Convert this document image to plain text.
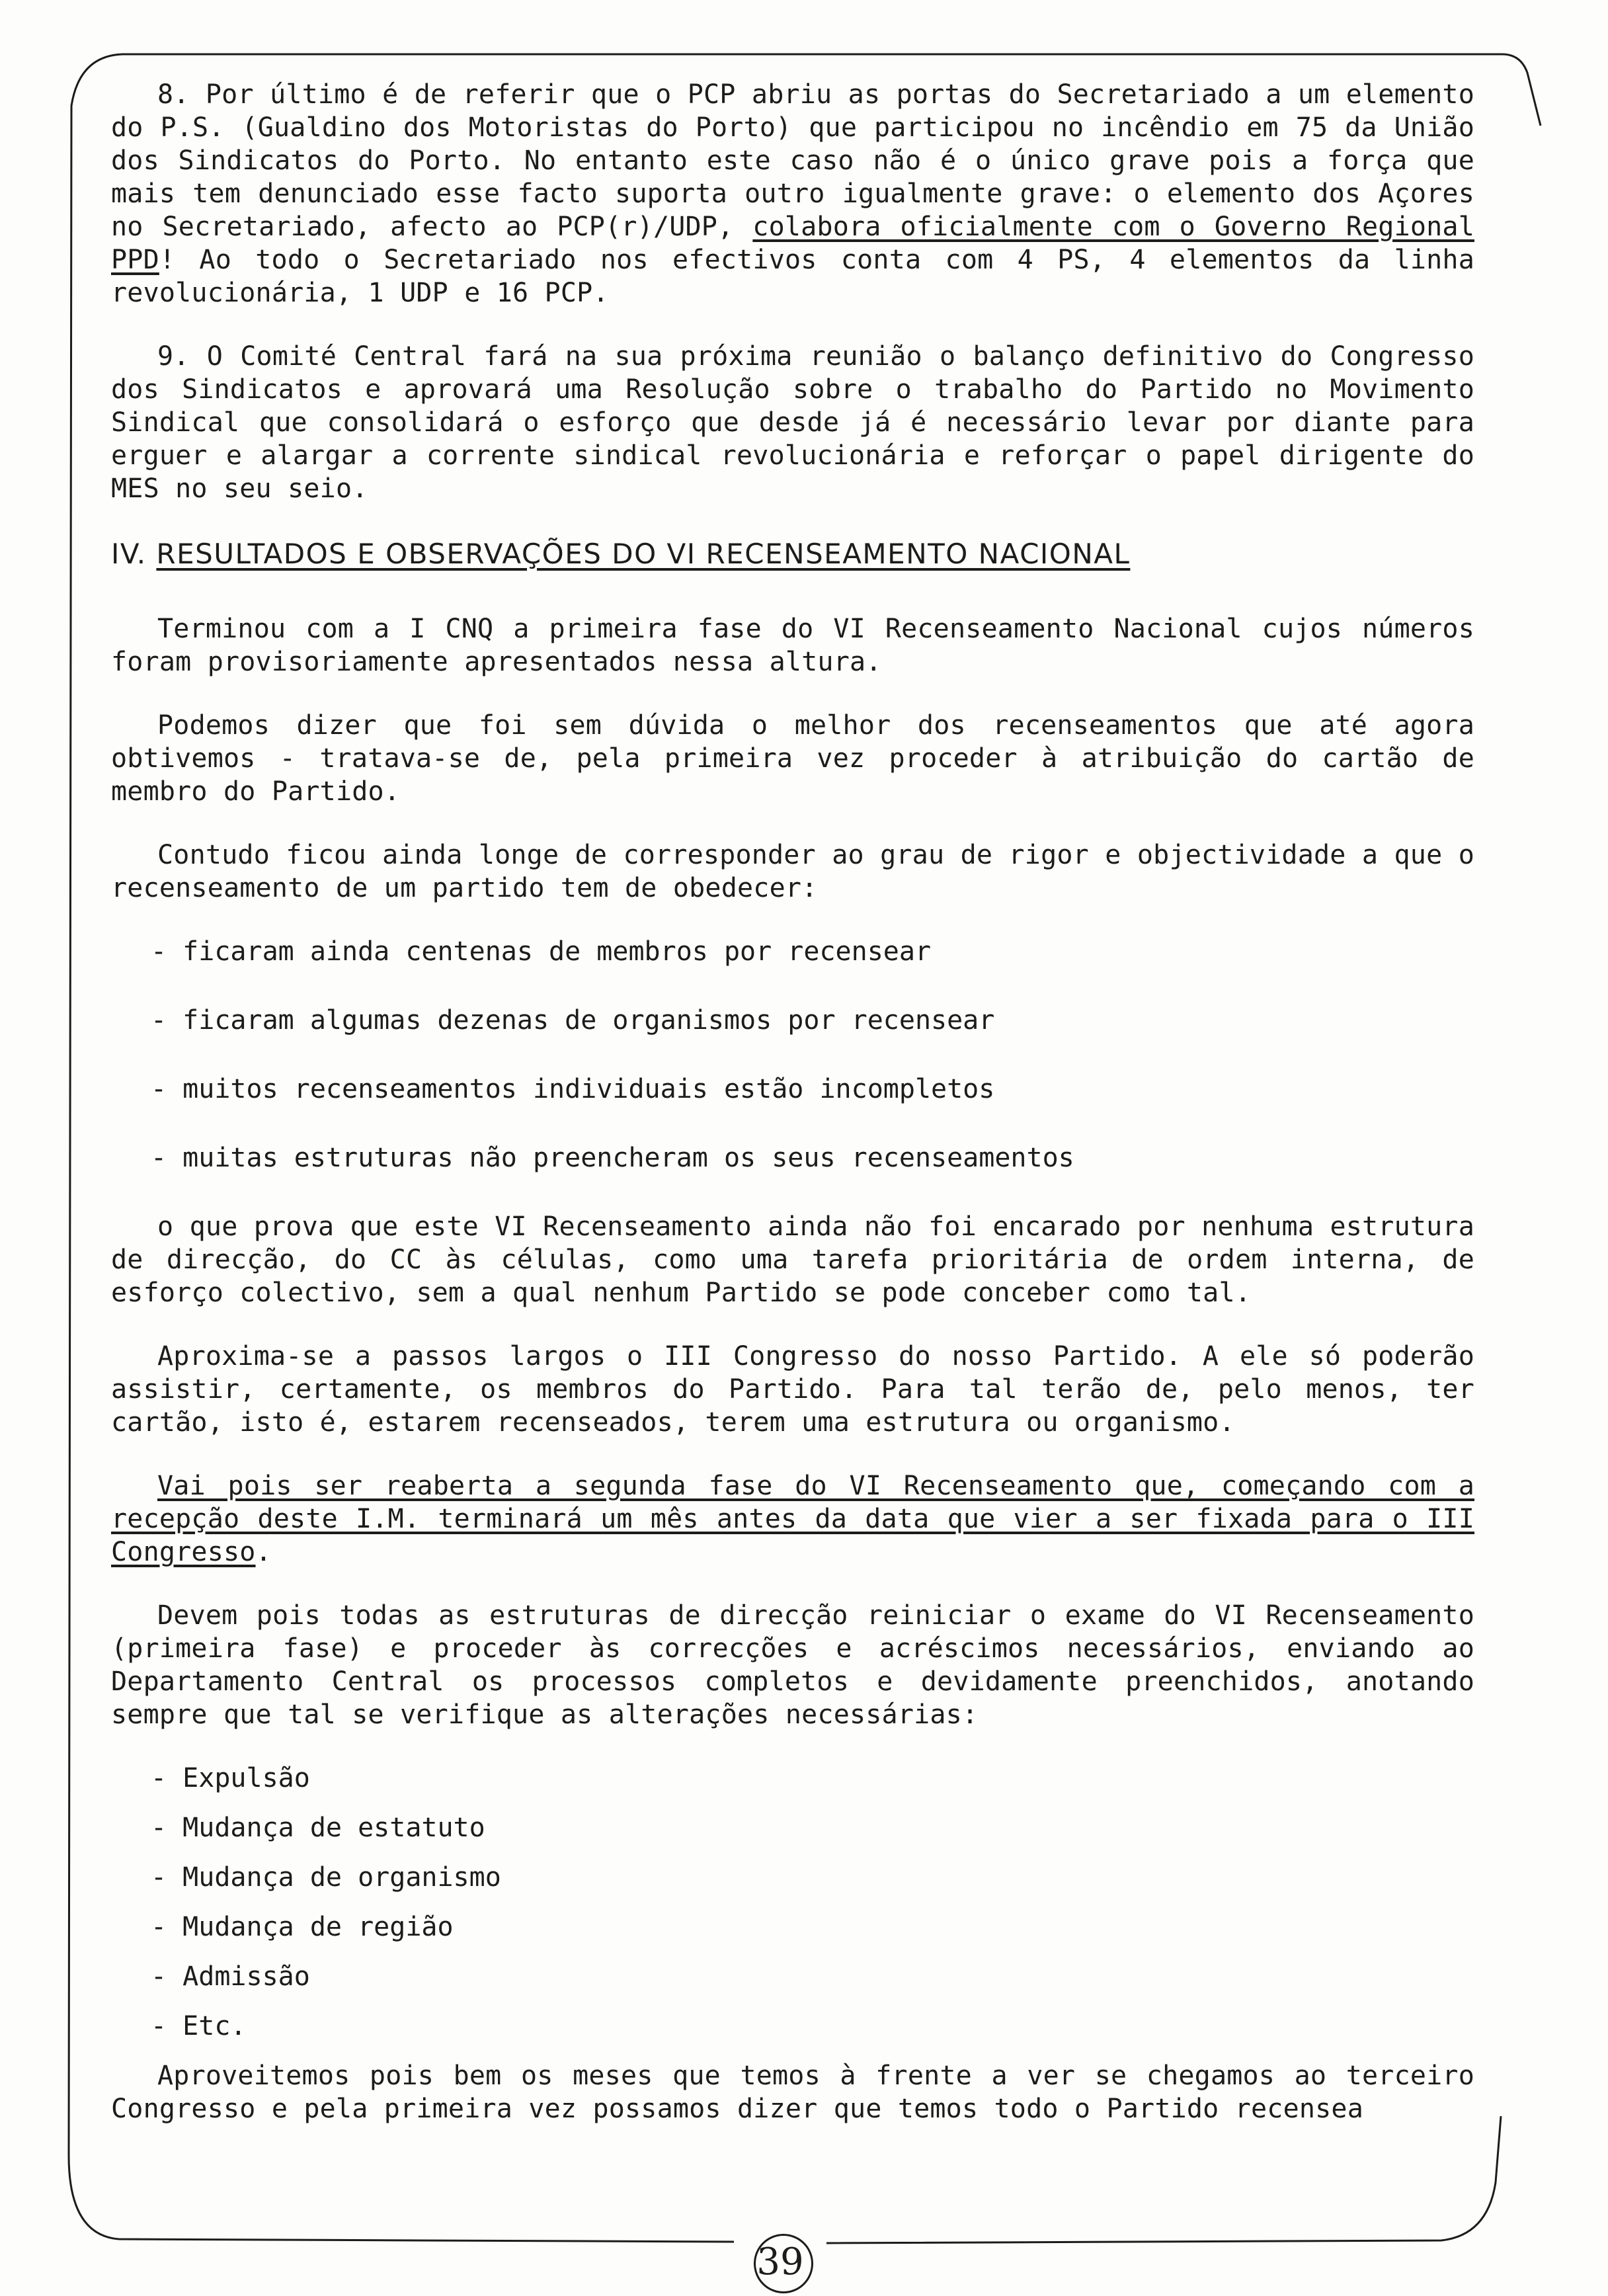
8. Por último é de referir que o PCP abriu as portas do Secretariado a um elemento do P.S. (Gualdino dos Motoristas do Porto) que participou no incêndio em 75 da União dos Sindicatos do Porto. No entanto este caso não é o único grave pois a força que mais tem denunciado esse facto suporta outro igualmente grave: o elemento dos Açores no Secretariado, afecto ao PCP(r)/UDP, colabora oficialmente com o Governo Regional PPD! Ao todo o Secretariado nos efectivos conta com 4 PS, 4 elementos da linha revolucionária, 1 UDP e 16 PCP.

9. O Comité Central fará na sua próxima reunião o balanço definitivo do Congresso dos Sindicatos e aprovará uma Resolução sobre o trabalho do Partido no Movimento Sindical que consolidará o esforço que desde já é necessário levar por diante para erguer e alargar a corrente sindical revolucionária e reforçar o papel dirigente do MES no seu seio.

IV. RESULTADOS E OBSERVAÇÕES DO VI RECENSEAMENTO NACIONAL

Terminou com a I CNQ a primeira fase do VI Recenseamento Nacional cujos números foram provisoriamente apresentados nessa altura.

Podemos dizer que foi sem dúvida o melhor dos recenseamentos que até agora obtivemos - tratava-se de, pela primeira vez proceder à atribuição do cartão de membro do Partido.

Contudo ficou ainda longe de corresponder ao grau de rigor e objectividade a que o recenseamento de um partido tem de obedecer:

- ficaram ainda centenas de membros por recensear
- ficaram algumas dezenas de organismos por recensear
- muitos recenseamentos individuais estão incompletos
- muitas estruturas não preencheram os seus recenseamentos

o que prova que este VI Recenseamento ainda não foi encarado por nenhuma estrutura de direcção, do CC às células, como uma tarefa prioritária de ordem interna, de esforço colectivo, sem a qual nenhum Partido se pode conceber como tal.

Aproxima-se a passos largos o III Congresso do nosso Partido. A ele só poderão assistir, certamente, os membros do Partido. Para tal terão de, pelo menos, ter cartão, isto é, estarem recenseados, terem uma estrutura ou organismo.

Vai pois ser reaberta a segunda fase do VI Recenseamento que, começando com a recepção deste I.M. terminará um mês antes da data que vier a ser fixada para o III Congresso.

Devem pois todas as estruturas de direcção reiniciar o exame do VI Recenseamento (primeira fase) e proceder às correcções e acréscimos necessários, enviando ao Departamento Central os processos completos e devidamente preenchidos, anotando sempre que tal se verifique as alterações necessárias:

- Expulsão
- Mudança de estatuto
- Mudança de organismo
- Mudança de região
- Admissão
- Etc.

Aproveitemos pois bem os meses que temos à frente a ver se chegamos ao terceiro Congresso e pela primeira vez possamos dizer que temos todo o Partido recensea

39
